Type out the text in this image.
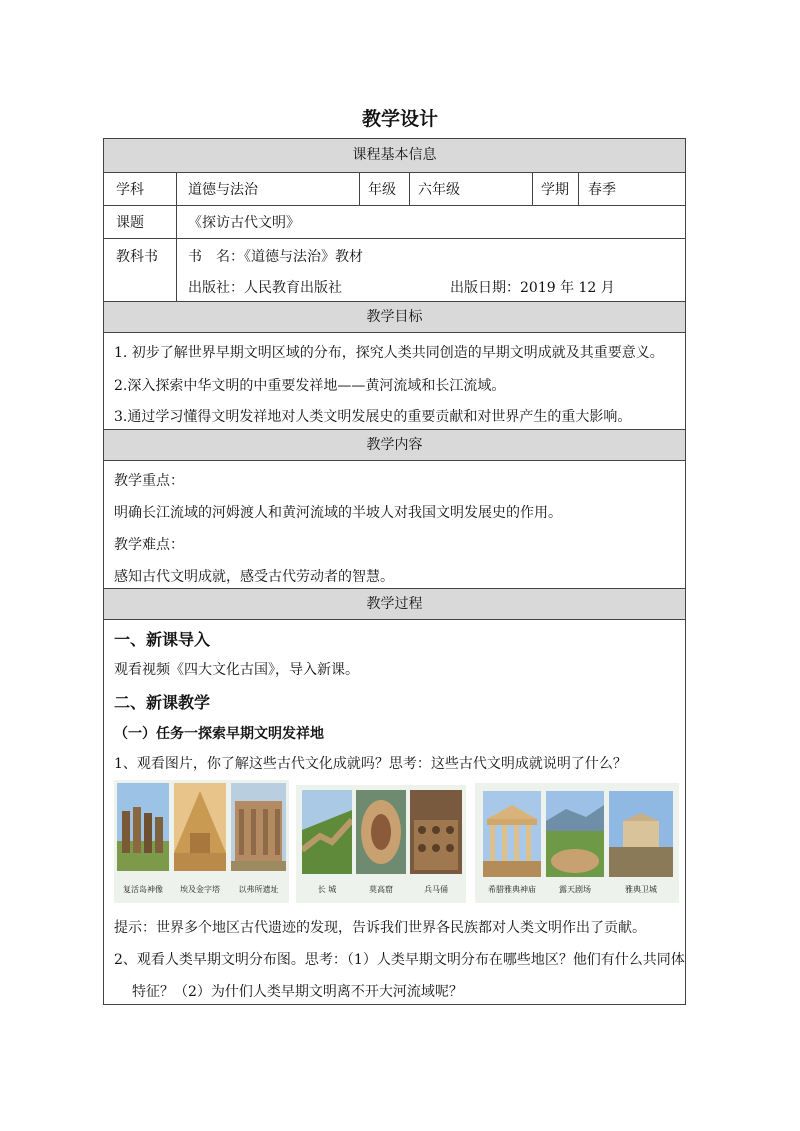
教学设计
课程基本信息
学科	道德与法治	年级 六年级	学期 春季
课题	《探访古代文明》
教科书 书　名：《道德与法治》教材
出版社：人民教育出版社	出版日期：2019 年 12 月
教学目标
1. 初步了解世界早期文明区域的分布，探究人类共同创造的早期文明成就及其重要意义。
2.深入探索中华文明的中重要发祥地——黄河流域和长江流域。
3.通过学习懂得文明发祥地对人类文明发展史的重要贡献和对世界产生的重大影响。
教学内容
教学重点：
明确长江流域的河姆渡人和黄河流域的半坡人对我国文明发展史的作用。
教学难点：
感知古代文明成就，感受古代劳动者的智慧。
教学过程
一、新课导入
观看视频《四大文化古国》，导入新课。
二、新课教学
（一）任务一探索早期文明发祥地
1、观看图片，你了解这些古代文化成就吗？思考：这些古代文明成就说明了什么？
复活岛神像	埃及金字塔	以弗所遗址	长 城	莫高窟	兵马俑	希腊雅典神庙	露天剧场	雅典卫城
提示：世界多个地区古代遗迹的发现，告诉我们世界各民族都对人类文明作出了贡献。
2、观看人类早期文明分布图。思考：（1）人类早期文明分布在哪些地区？他们有什么共同体
特征？（2）为什们人类早期文明离不开大河流域呢？
